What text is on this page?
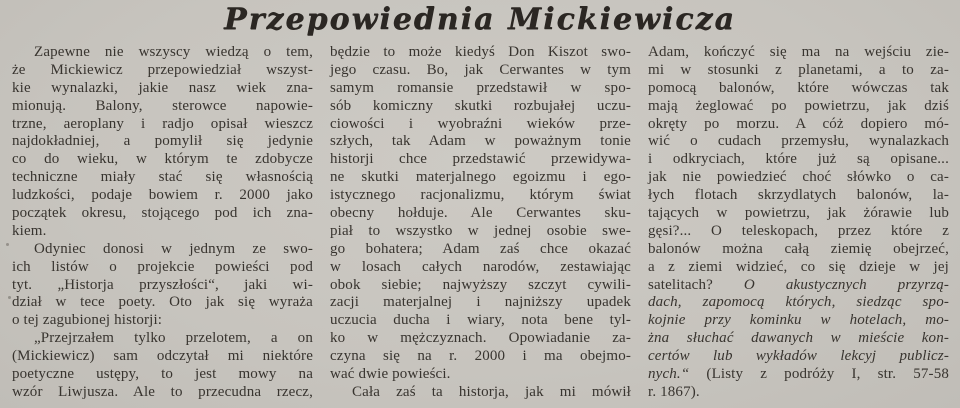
Przepowiednia Mickiewicza
Zapewne nie wszyscy wiedzą o tem,
że Mickiewicz przepowiedział wszyst-
kie wynalazki, jakie nasz wiek zna-
mionują. Balony, sterowce napowie-
trzne, aeroplany i radjo opisał wieszcz
najdokładniej, a pomylił się jedynie
co do wieku, w którym te zdobycze
techniczne miały stać się własnością
ludzkości, podaje bowiem r. 2000 jako
początek okresu, stojącego pod ich zna-
kiem.
Odyniec donosi w jednym ze swo-
ich listów o projekcie powieści pod
tyt. „Historja przyszłości“, jaki wi-
dział w tece poety. Oto jak się wyraża
o tej zagubionej historji:
„Przejrzałem tylko przelotem, a on
(Mickiewicz) sam odczytał mi niektóre
poetyczne ustępy, to jest mowy na
wzór Liwjusza. Ale to przecudna rzecz,
będzie to może kiedyś Don Kiszot swo-
jego czasu. Bo, jak Cerwantes w tym
samym romansie przedstawił w spo-
sób komiczny skutki rozbujałej uczu-
ciowości i wyobraźni wieków prze-
szłych, tak Adam w poważnym tonie
historji chce przedstawić przewidywa-
ne skutki materjalnego egoizmu i ego-
istycznego racjonalizmu, którym świat
obecny hołduje. Ale Cerwantes sku-
piał to wszystko w jednej osobie swe-
go bohatera; Adam zaś chce okazać
w losach całych narodów, zestawiając
obok siebie; najwyższy szczyt cywili-
zacji materjalnej i najniższy upadek
uczucia ducha i wiary, nota bene tyl-
ko w mężczyznach. Opowiadanie za-
czyna się na r. 2000 i ma obejmo-
wać dwie powieści.
Cała zaś ta historja, jak mi mówił
Adam, kończyć się ma na wejściu zie-
mi w stosunki z planetami, a to za-
pomocą balonów, które wówczas tak
mają żeglować po powietrzu, jak dziś
okręty po morzu. A cóż dopiero mó-
wić o cudach przemysłu, wynalazkach
i odkryciach, które już są opisane...
jak nie powiedzieć choć słówko o ca-
łych flotach skrzydlatych balonów, la-
tających w powietrzu, jak żórawie lub
gęsi?... O teleskopach, przez które z
balonów można całą ziemię obejrzeć,
a z ziemi widzieć, co się dzieje w jej
satelitach? O akustycznych przyrzą-
dach, zapomocą których, siedząc spo-
kojnie przy kominku w hotelach, mo-
żna słuchać dawanych w mieście kon-
certów lub wykładów lekcyj publicz-
nych.“ (Listy z podróży I, str. 57-58
r. 1867).
